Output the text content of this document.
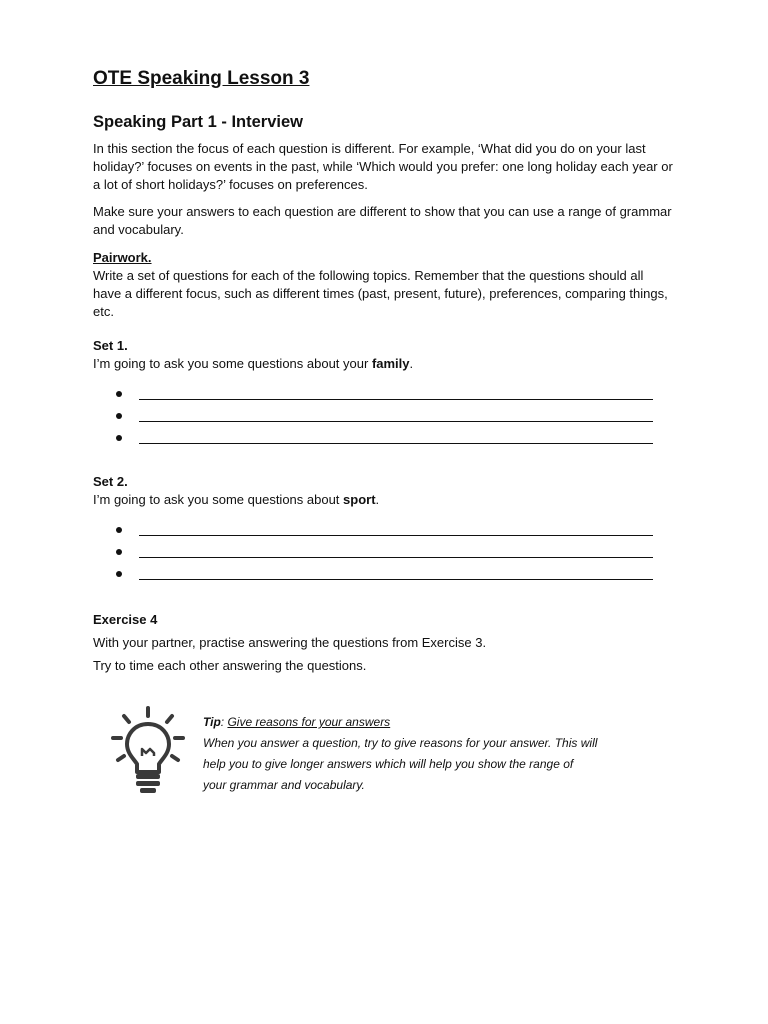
OTE Speaking Lesson 3
Speaking Part 1 - Interview

In this section the focus of each question is different. For example, ‘What did you do on your last holiday?’ focuses on events in the past, while ‘Which would you prefer: one long holiday each year or a lot of short holidays?’ focuses on preferences.

Make sure your answers to each question are different to show that you can use a range of grammar and vocabulary.

Pairwork.

Write a set of questions for each of the following topics. Remember that the questions should all have a different focus, such as different times (past, present, future), preferences, comparing things, etc.

Set 1.

I’m going to ask you some questions about your family.

Set 2.

I’m going to ask you some questions about sport.

Exercise 4

With your partner, practise answering the questions from Exercise 3.

Try to time each other answering the questions.

Tip: Give reasons for your answers
When you answer a question, try to give reasons for your answer. This will
help you to give longer answers which will help you show the range of
your grammar and vocabulary.
